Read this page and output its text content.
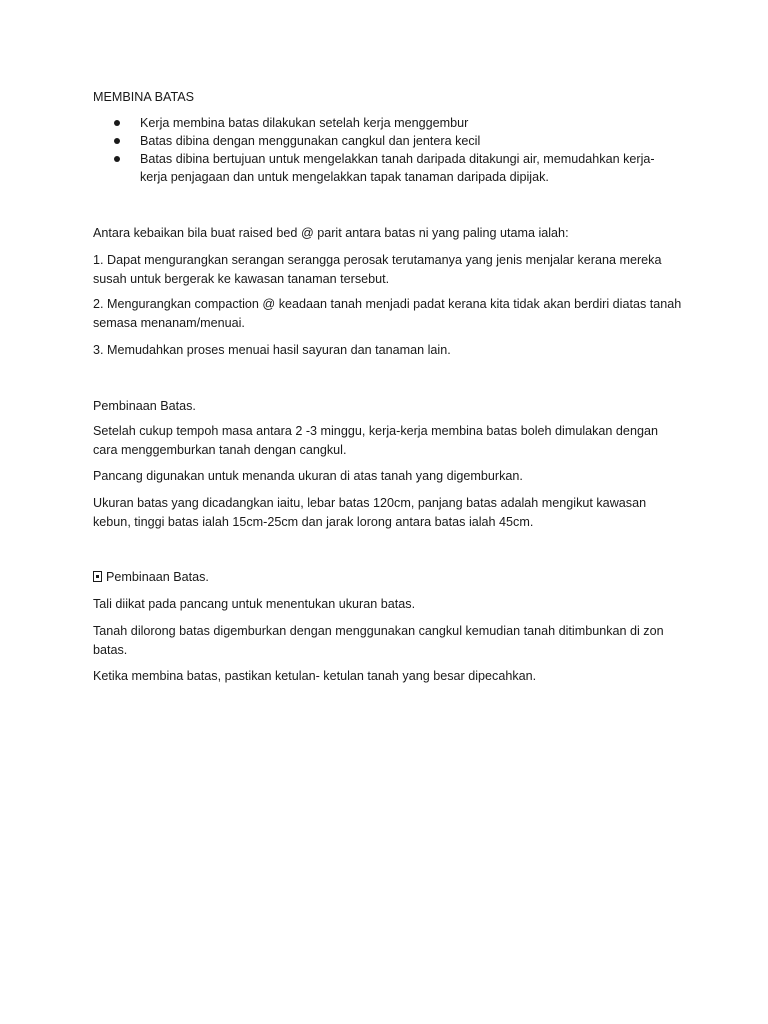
MEMBINA BATAS

Kerja membina batas dilakukan setelah kerja menggembur
Batas dibina dengan menggunakan cangkul dan jentera kecil
Batas dibina bertujuan untuk mengelakkan tanah daripada ditakungi air, memudahkan kerja-kerja penjagaan dan untuk mengelakkan tapak tanaman daripada dipijak.

Antara kebaikan bila buat raised bed @ parit antara batas ni yang paling utama ialah:

1. Dapat mengurangkan serangan serangga perosak terutamanya yang jenis menjalar kerana mereka susah untuk bergerak ke kawasan tanaman tersebut.

2. Mengurangkan compaction @ keadaan tanah menjadi padat kerana kita tidak akan berdiri diatas tanah semasa menanam/menuai.

3. Memudahkan proses menuai hasil sayuran dan tanaman lain.

Pembinaan Batas.

Setelah cukup tempoh masa antara 2 -3 minggu, kerja-kerja membina batas boleh dimulakan dengan cara menggemburkan tanah dengan cangkul.

Pancang digunakan untuk menanda ukuran di atas tanah yang digemburkan.

Ukuran batas yang dicadangkan iaitu, lebar batas 120cm, panjang batas adalah mengikut kawasan kebun, tinggi batas ialah 15cm-25cm dan jarak lorong antara batas ialah 45cm.

Pembinaan Batas.

Tali diikat pada pancang untuk menentukan ukuran batas.

Tanah dilorong batas digemburkan dengan menggunakan cangkul kemudian tanah ditimbunkan di zon batas.

Ketika membina batas, pastikan ketulan- ketulan tanah yang besar dipecahkan.
